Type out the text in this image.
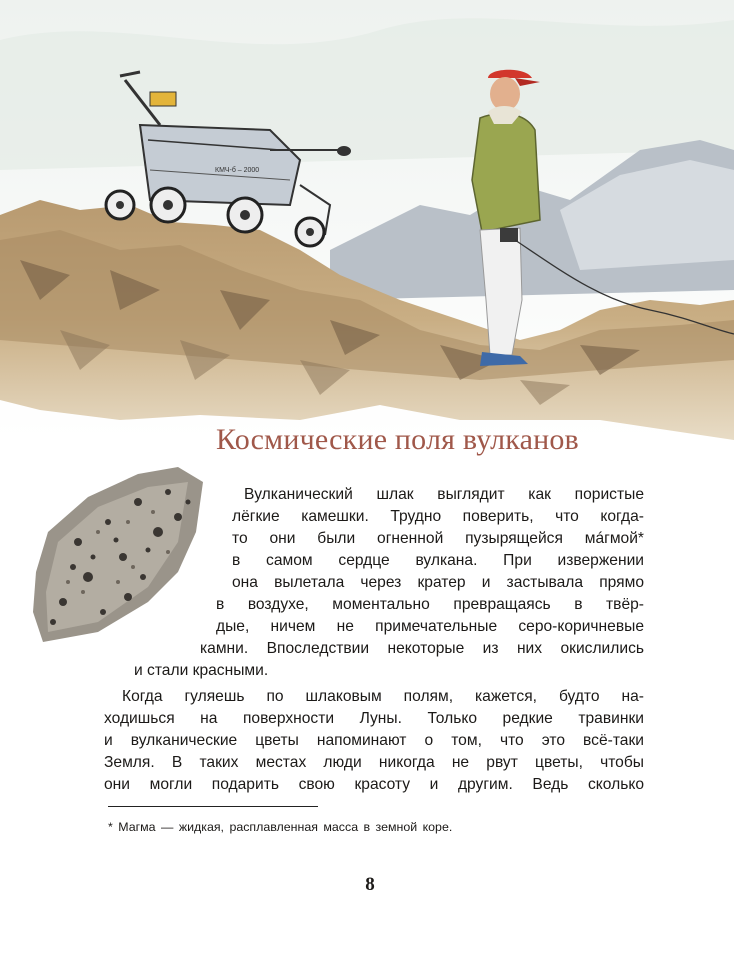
КМЧ-б – 2000
Космические поля вулканов
Вулканический шлак выглядит как пористые
лёгкие камешки. Трудно поверить, что когда-
то они были огненной пузырящейся мáгмой*
в самом сердце вулкана. При извержении
она вылетала через кратер и застывала прямо
в воздухе, моментально превращаясь в твёр-
дые, ничем не примечательные серо-коричневые
камни. Впоследствии некоторые из них окислились
и стали красными.
Когда гуляешь по шлаковым полям, кажется, будто на-
ходишься на поверхности Луны. Только редкие травинки
и вулканические цветы напоминают о том, что это всё-таки
Земля. В таких местах люди никогда не рвут цветы, чтобы
они могли подарить свою красоту и другим. Ведь сколько
* Магма — жидкая, расплавленная масса в земной коре.
8
